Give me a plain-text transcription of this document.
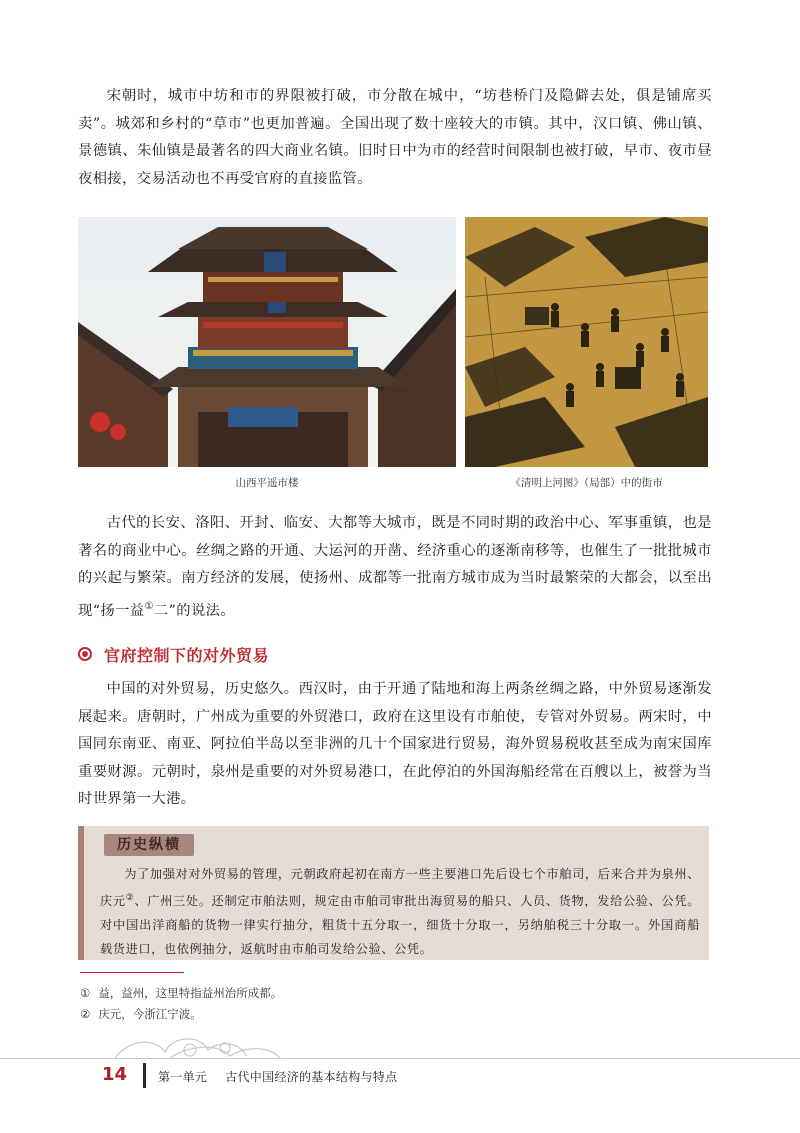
宋朝时，城市中坊和市的界限被打破，市分散在城中，“坊巷桥门及隐僻去处，俱是铺席买卖”。城郊和乡村的“草市”也更加普遍。全国出现了数十座较大的市镇。其中，汉口镇、佛山镇、景德镇、朱仙镇是最著名的四大商业名镇。旧时日中为市的经营时间限制也被打破，早市、夜市昼夜相接，交易活动也不再受官府的直接监管。

山西平遥市楼	《清明上河图》（局部）中的街市

古代的长安、洛阳、开封、临安、大都等大城市，既是不同时期的政治中心、军事重镇，也是著名的商业中心。丝绸之路的开通、大运河的开凿、经济重心的逐渐南移等，也催生了一批批城市的兴起与繁荣。南方经济的发展，使扬州、成都等一批南方城市成为当时最繁荣的大都会，以至出现“扬一益①二”的说法。

官府控制下的对外贸易

中国的对外贸易，历史悠久。西汉时，由于开通了陆地和海上两条丝绸之路，中外贸易逐渐发展起来。唐朝时，广州成为重要的外贸港口，政府在这里设有市舶使，专管对外贸易。两宋时，中国同东南亚、南亚、阿拉伯半岛以至非洲的几十个国家进行贸易，海外贸易税收甚至成为南宋国库重要财源。元朝时，泉州是重要的对外贸易港口，在此停泊的外国海船经常在百艘以上，被誉为当时世界第一大港。

历史纵横

为了加强对对外贸易的管理，元朝政府起初在南方一些主要港口先后设七个市舶司，后来合并为泉州、庆元②、广州三处。还制定市舶法则，规定由市舶司审批出海贸易的船只、人员、货物，发给公验、公凭。对中国出洋商船的货物一律实行抽分，粗货十五分取一，细货十分取一，另纳舶税三十分取一。外国商船载货进口，也依例抽分，返航时由市舶司发给公验、公凭。

① 益，益州，这里特指益州治所成都。
② 庆元，今浙江宁波。
14	第一单元 古代中国经济的基本结构与特点
